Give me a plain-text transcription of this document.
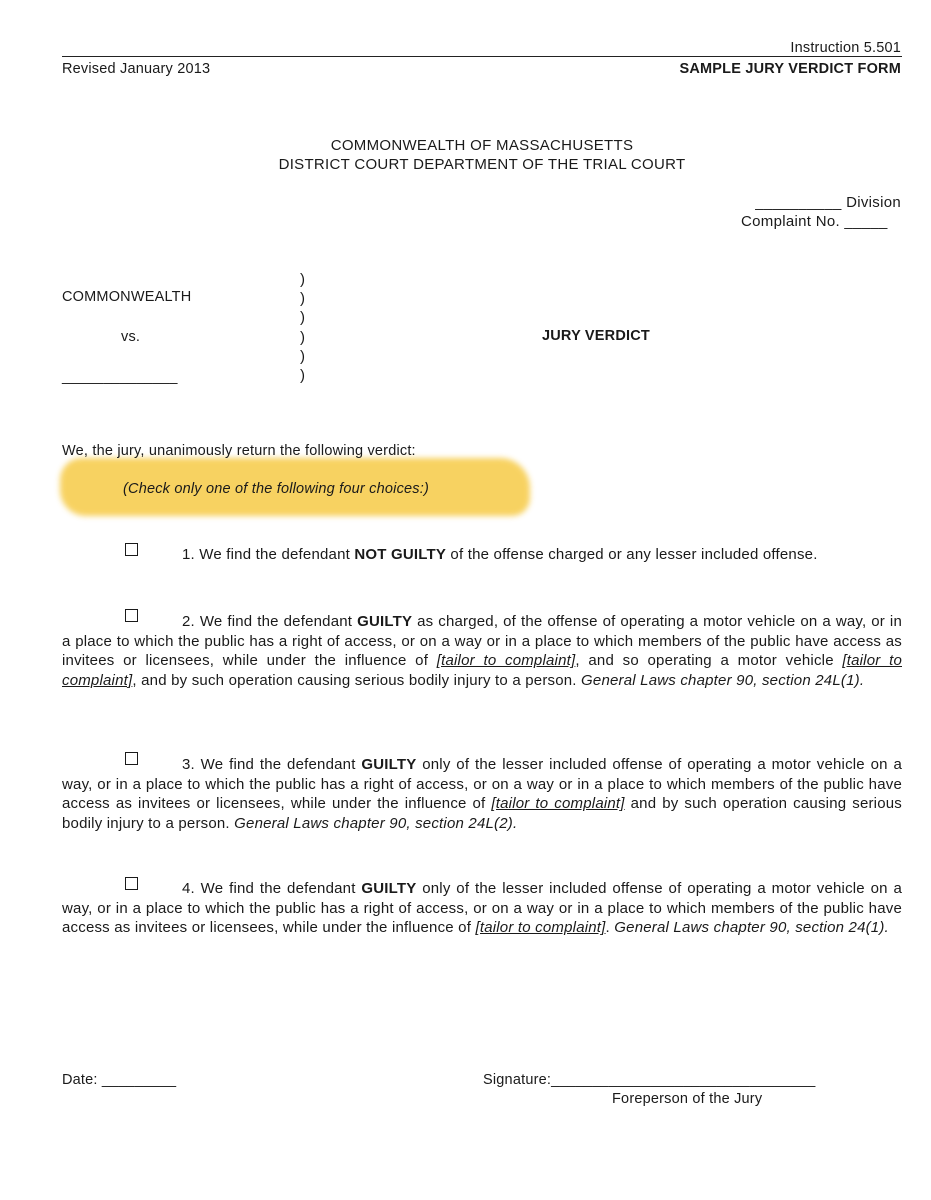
Instruction 5.501
Revised January 2013	SAMPLE JURY VERDICT FORM
COMMONWEALTH OF MASSACHUSETTS
DISTRICT COURT DEPARTMENT OF THE TRIAL COURT
__________ Division
Complaint No. _____
COMMONWEALTH
vs.
______________
)
)
)
)
)
)
JURY VERDICT
We, the jury, unanimously return the following verdict:
(Check only one of the following four choices:)
1. We find the defendant NOT GUILTY of the offense charged or any lesser included offense.
2. We find the defendant GUILTY as charged, of the offense of operating a motor vehicle on a way, or in a place to which the public has a right of access, or on a way or in a place to which members of the public have access as invitees or licensees, while under the influence of [tailor to complaint], and so operating a motor vehicle [tailor to complaint], and by such operation causing serious bodily injury to a person. General Laws chapter 90, section 24L(1).
3. We find the defendant GUILTY only of the lesser included offense of operating a motor vehicle on a way, or in a place to which the public has a right of access, or on a way or in a place to which members of the public have access as invitees or licensees, while under the influence of [tailor to complaint] and by such operation causing serious bodily injury to a person. General Laws chapter 90, section 24L(2).
4. We find the defendant GUILTY only of the lesser included offense of operating a motor vehicle on a way, or in a place to which the public has a right of access, or on a way or in a place to which members of the public have access as invitees or licensees, while under the influence of [tailor to complaint]. General Laws chapter 90, section 24(1).
Date: _________	Signature:________________________________
Foreperson of the Jury
